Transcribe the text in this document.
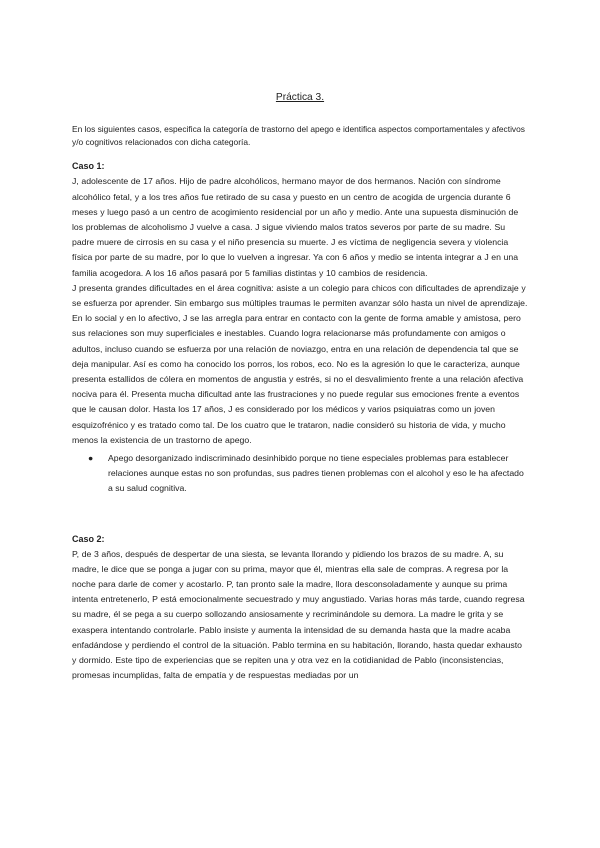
Práctica 3.

En los siguientes casos, especifica la categoría de trastorno del apego e identifica aspectos comportamentales y afectivos y/o cognitivos relacionados con dicha categoría.

Caso 1:

J, adolescente de 17 años. Hijo de padre alcohólicos, hermano mayor de dos hermanos. Nación con síndrome alcohólico fetal, y a los tres años fue retirado de su casa y puesto en un centro de acogida de urgencia durante 6 meses y luego pasó a un centro de acogimiento residencial por un año y medio. Ante una supuesta disminución de los problemas de alcoholismo J vuelve a casa. J sigue viviendo malos tratos severos por parte de su madre. Su padre muere de cirrosis en su casa y el niño presencia su muerte. J es víctima de negligencia severa y violencia física por parte de su madre, por lo que lo vuelven a ingresar. Ya con 6 años y medio se intenta integrar a J en una familia acogedora. A los 16 años pasará por 5 familias distintas y 10 cambios de residencia.

J presenta grandes dificultades en el área cognitiva: asiste a un colegio para chicos con dificultades de aprendizaje y se esfuerza por aprender. Sin embargo sus múltiples traumas le permiten avanzar sólo hasta un nivel de aprendizaje. En lo social y en lo afectivo, J se las arregla para entrar en contacto con la gente de forma amable y amistosa, pero sus relaciones son muy superficiales e inestables. Cuando logra relacionarse más profundamente con amigos o adultos, incluso cuando se esfuerza por una relación de noviazgo, entra en una relación de dependencia tal que se deja manipular. Así es como ha conocido los porros, los robos, eco. No es la agresión lo que le caracteriza, aunque presenta estallidos de cólera en momentos de angustia y estrés, si no el desvalimiento frente a una relación afectiva nociva para él. Presenta mucha dificultad ante las frustraciones y no puede regular sus emociones frente a eventos que le causan dolor. Hasta los 17 años, J es considerado por los médicos y varios psiquiatras como un joven esquizofrénico y es tratado como tal. De los cuatro que le trataron, nadie consideró su historia de vida, y mucho menos la existencia de un trastorno de apego.

● Apego desorganizado indiscriminado desinhibido porque no tiene especiales problemas para establecer relaciones aunque estas no son profundas, sus padres tienen problemas con el alcohol y eso le ha afectado a su salud cognitiva.
Caso 2:

P, de 3 años, después de despertar de una siesta, se levanta llorando y pidiendo los brazos de su madre. A, su madre, le dice que se ponga a jugar con su prima, mayor que él, mientras ella sale de compras. A regresa por la noche para darle de comer y acostarlo. P, tan pronto sale la madre, llora desconsoladamente y aunque su prima intenta entretenerlo, P está emocionalmente secuestrado y muy angustiado. Varias horas más tarde, cuando regresa su madre, él se pega a su cuerpo sollozando ansiosamente y recriminándole su demora. La madre le grita y se exaspera intentando controlarle. Pablo insiste y aumenta la intensidad de su demanda hasta que la madre acaba enfadándose y perdiendo el control de la situación. Pablo termina en su habitación, llorando, hasta quedar exhausto y dormido. Este tipo de experiencias que se repiten una y otra vez en la cotidianidad de Pablo (inconsistencias, promesas incumplidas, falta de empatía y de respuestas mediadas por un
